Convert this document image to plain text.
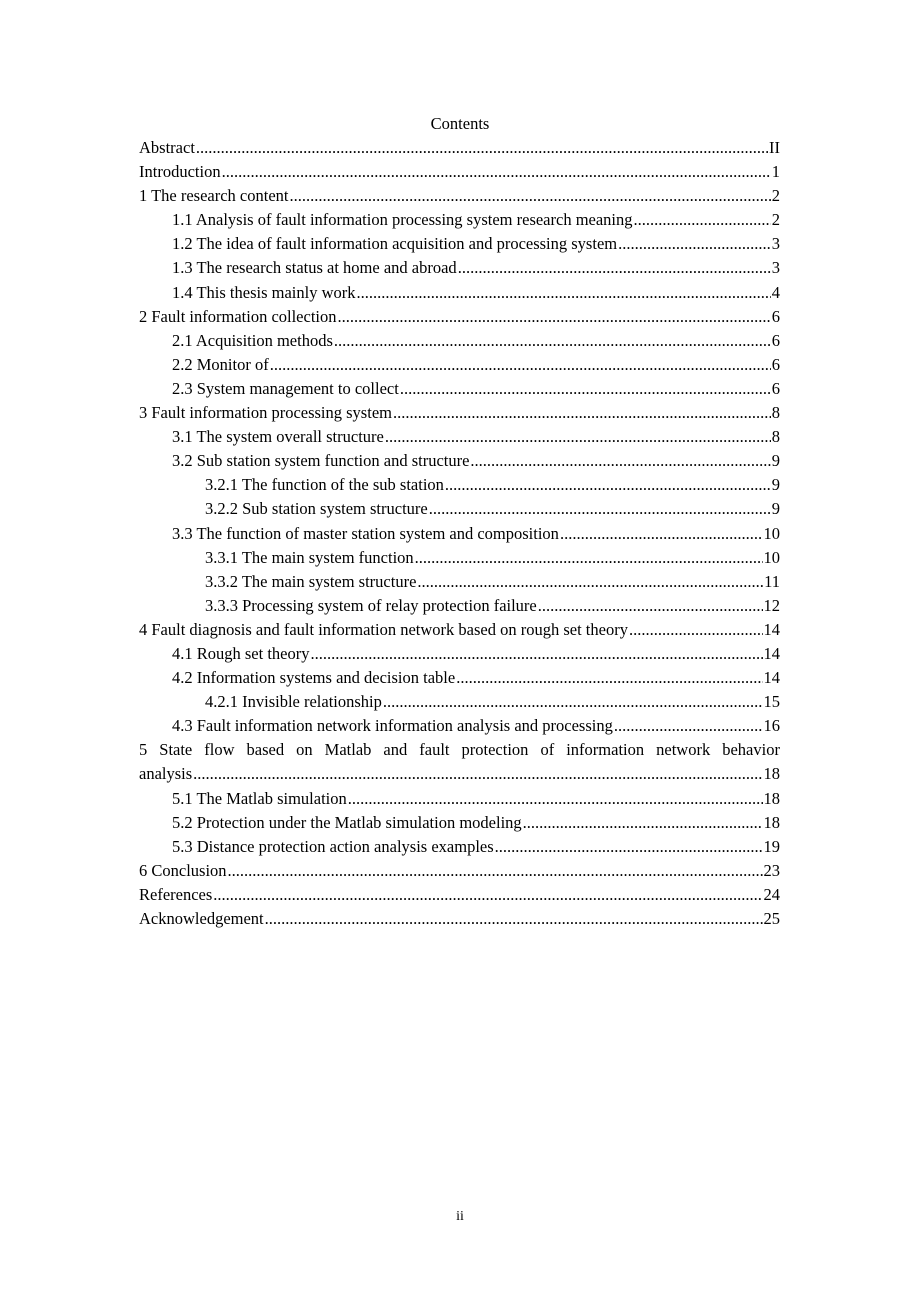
Contents
Abstract .....	II
Introduction .....	1
1 The research content .....	2
1.1 Analysis of fault information processing system research meaning .....	2
1.2 The idea of fault information acquisition and processing system .....	3
1.3 The research status at home and abroad .....	3
1.4 This thesis mainly work .....	4
2 Fault information collection .....	6
2.1 Acquisition methods .....	6
2.2 Monitor of .....	6
2.3 System management to collect .....	6
3 Fault information processing system .....	8
3.1 The system overall structure .....	8
3.2 Sub station system function and structure .....	9
3.2.1 The function of the sub station .....	9
3.2.2 Sub station system structure .....	9
3.3 The function of master station system and composition .....	10
3.3.1 The main system function .....	10
3.3.2 The main system structure .....	11
3.3.3 Processing system of relay protection failure .....	12
4 Fault diagnosis and fault information network based on rough set theory .....	14
4.1 Rough set theory .....	14
4.2 Information systems and decision table .....	14
4.2.1 Invisible relationship .....	15
4.3 Fault information network information analysis and processing .....	16
5 State flow based on Matlab and fault protection of information network behavior
analysis .....	18
5.1 The Matlab simulation .....	18
5.2 Protection under the Matlab simulation modeling .....	18
5.3 Distance protection action analysis examples .....	19
6 Conclusion .....	23
References .....	24
Acknowledgement .....	25
ii
